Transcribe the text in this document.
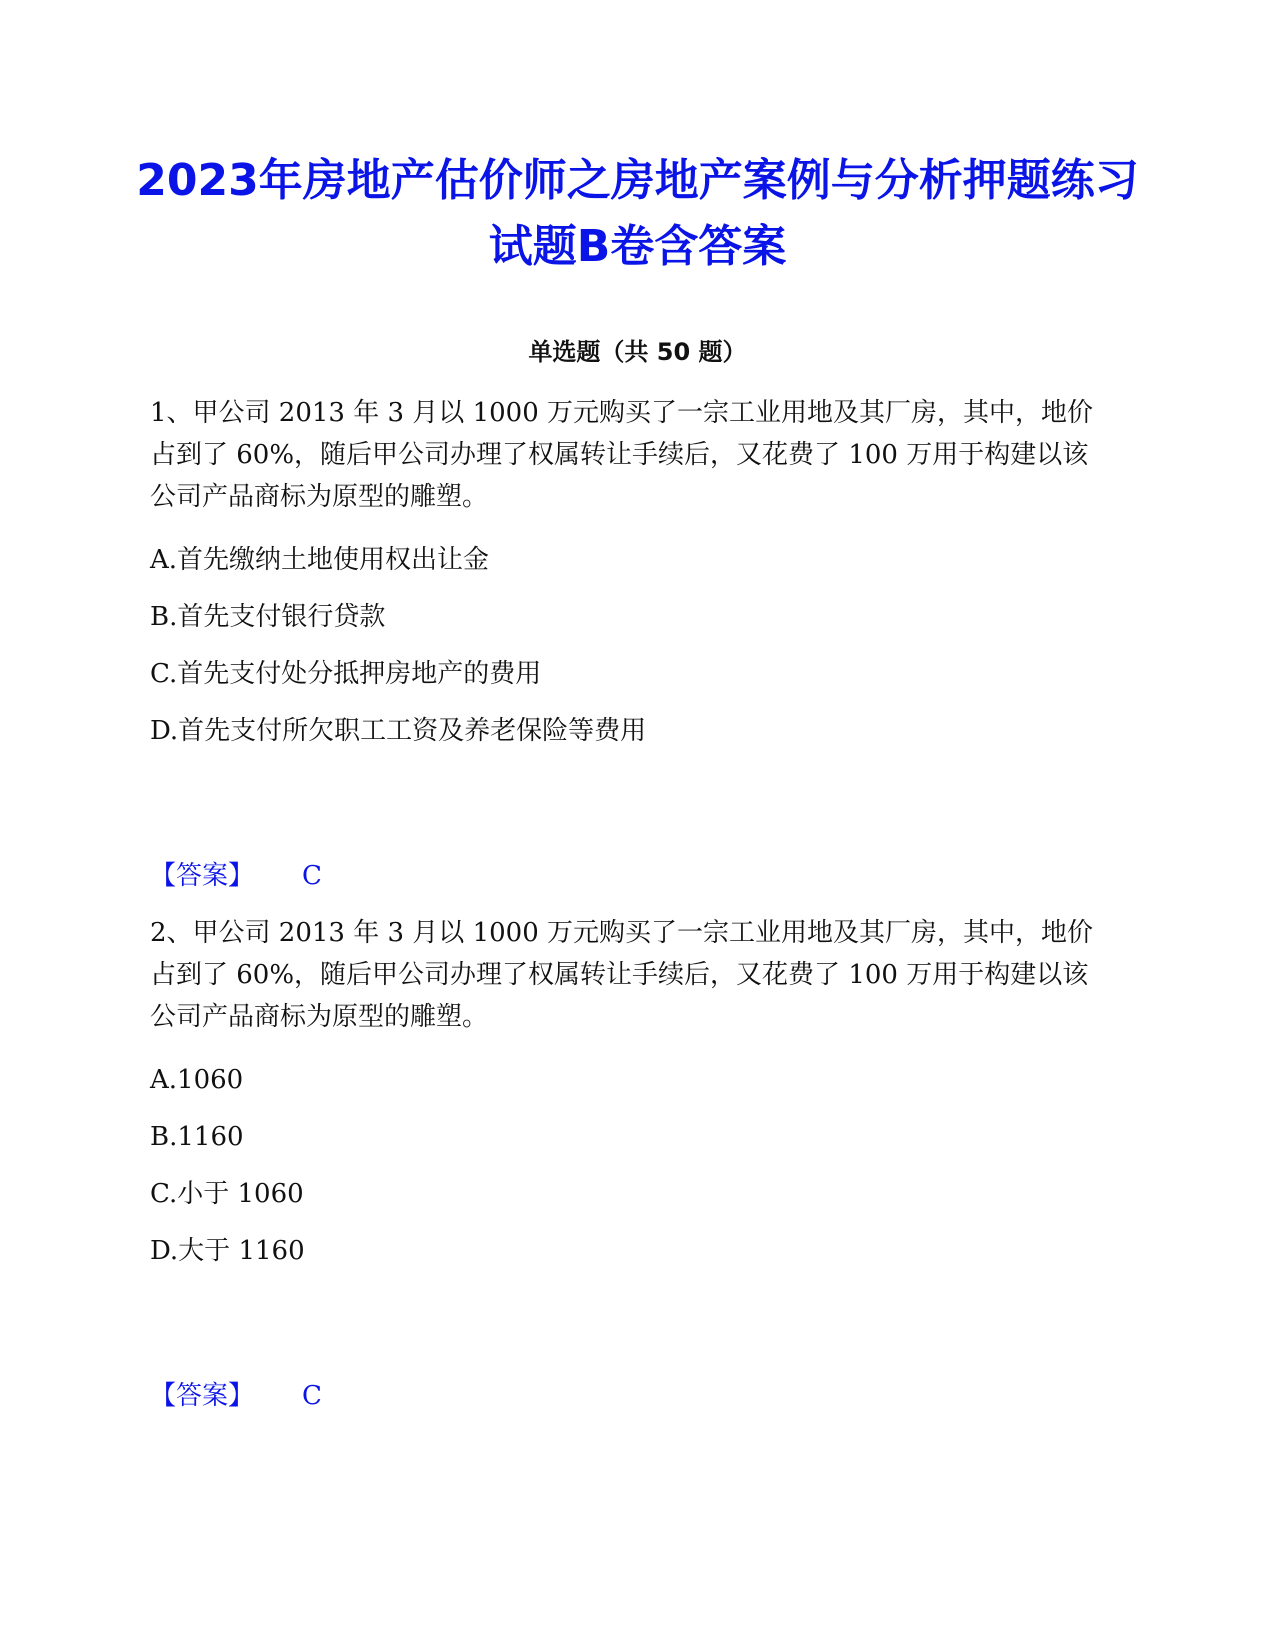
2023年房地产估价师之房地产案例与分析押题练习试题B卷含答案
单选题（共 50 题）

1、甲公司 2013 年 3 月以 1000 万元购买了一宗工业用地及其厂房，其中，地价占到了 60%，随后甲公司办理了权属转让手续后，又花费了 100 万用于构建以该公司产品商标为原型的雕塑。

A.首先缴纳土地使用权出让金
B.首先支付银行贷款
C.首先支付处分抵押房地产的费用
D.首先支付所欠职工工资及养老保险等费用
【答案】 C

2、甲公司 2013 年 3 月以 1000 万元购买了一宗工业用地及其厂房，其中，地价占到了 60%，随后甲公司办理了权属转让手续后，又花费了 100 万用于构建以该公司产品商标为原型的雕塑。

A.1060
B.1160
C.小于 1060
D.大于 1160
【答案】 C
